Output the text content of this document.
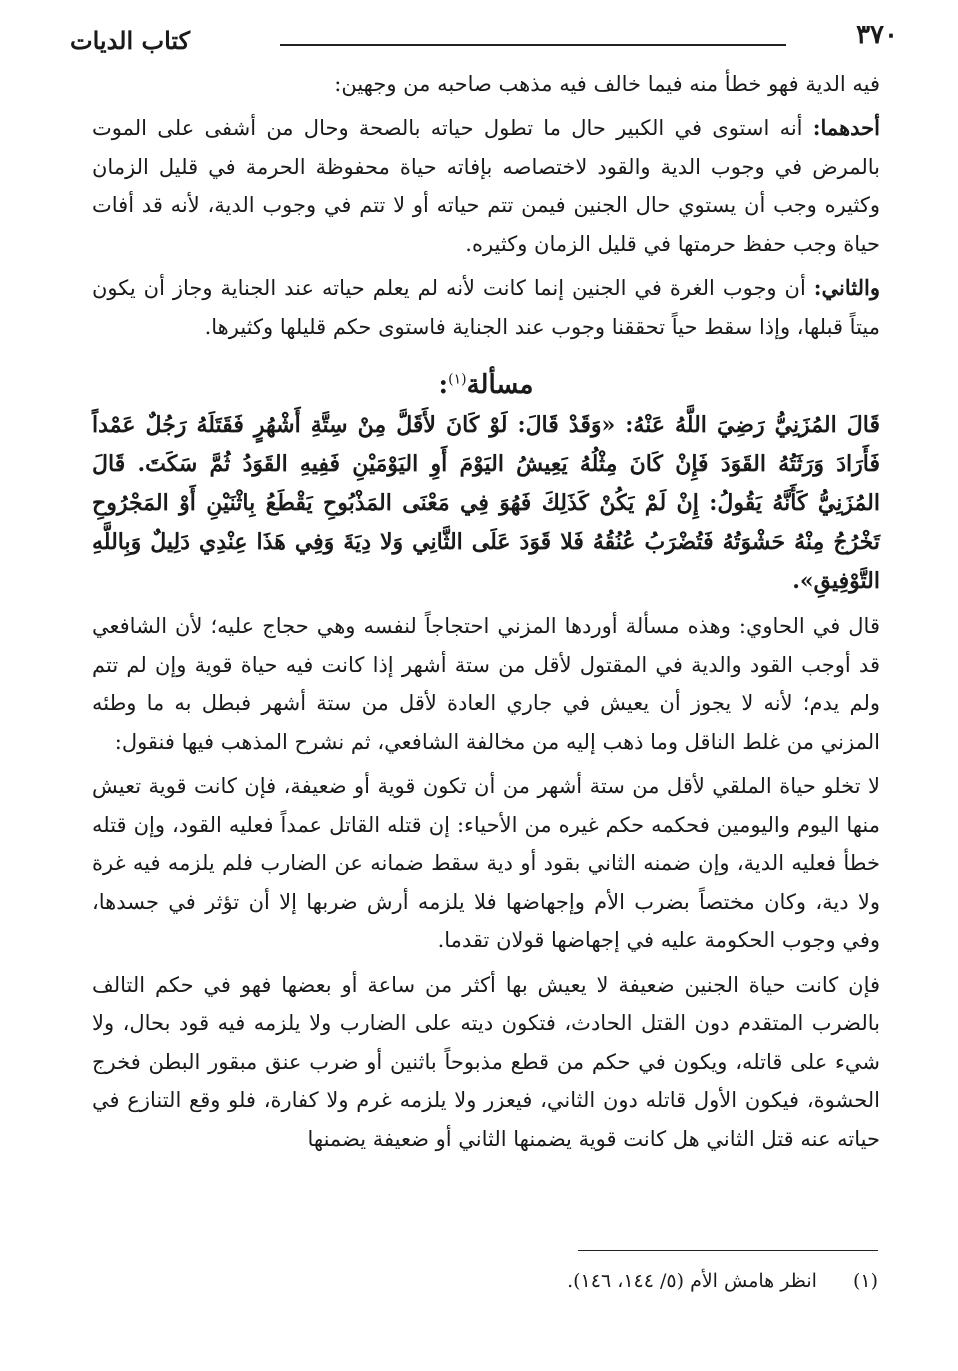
٣٧٠
كتاب الديات

فيه الدية فهو خطأ منه فيما خالف فيه مذهب صاحبه من وجهين:

أحدهما: أنه استوى في الكبير حال ما تطول حياته بالصحة وحال من أشفى على الموت بالمرض في وجوب الدية والقود لاختصاصه بإفاته حياة محفوظة الحرمة في قليل الزمان وكثيره وجب أن يستوي حال الجنين فيمن تتم حياته أو لا تتم في وجوب الدية، لأنه قد أفات حياة وجب حفظ حرمتها في قليل الزمان وكثيره.

والثاني: أن وجوب الغرة في الجنين إنما كانت لأنه لم يعلم حياته عند الجناية وجاز أن يكون ميتاً قبلها، وإذا سقط حياً تحققنا وجوب عند الجناية فاستوى حكم قليلها وكثيرها.

مسألة$^{(١)}$:

قَالَ المُزَنِيُّ رَضِيَ اللَّهُ عَنْهُ: «وَقَدْ قَالَ: لَوْ كَانَ لأَقَلَّ مِنْ سِتَّةِ أَشْهُرٍ فَقَتَلَهُ رَجُلٌ عَمْداً فَأَرَادَ وَرَثَتُهُ القَوَدَ فَإِنْ كَانَ مِثْلُهُ يَعِيشُ اليَوْمَ أَوِ اليَوْمَيْنِ فَفِيهِ القَوَدُ ثُمَّ سَكَتَ. قَالَ المُزَنِيُّ كَأَنَّهُ يَقُولُ: إِنْ لَمْ يَكُنْ كَذَلِكَ فَهُوَ فِي مَعْنَى المَذْبُوحِ يَقْطَعُ بِاثْنَيْنِ أَوْ المَجْرُوحِ تَخْرُجُ مِنْهُ حَشْوَتُهُ فَتُضْرَبُ عُنُقُهُ فَلا قَوَدَ عَلَى الثَّانِي وَلا دِيَةَ وَفِي هَذَا عِنْدِي دَلِيلٌ وَبِاللَّهِ التَّوْفِيقِ».

قال في الحاوي: وهذه مسألة أوردها المزني احتجاجاً لنفسه وهي حجاج عليه؛ لأن الشافعي قد أوجب القود والدية في المقتول لأقل من ستة أشهر إذا كانت فيه حياة قوية وإن لم تتم ولم يدم؛ لأنه لا يجوز أن يعيش في جاري العادة لأقل من ستة أشهر فبطل به ما وطئه المزني من غلط الناقل وما ذهب إليه من مخالفة الشافعي، ثم نشرح المذهب فيها فنقول:

لا تخلو حياة الملقي لأقل من ستة أشهر من أن تكون قوية أو ضعيفة، فإن كانت قوية تعيش منها اليوم واليومين فحكمه حكم غيره من الأحياء: إن قتله القاتل عمداً فعليه القود، وإن قتله خطأ فعليه الدية، وإن ضمنه الثاني بقود أو دية سقط ضمانه عن الضارب فلم يلزمه فيه غرة ولا دية، وكان مختصاً بضرب الأم وإجهاضها فلا يلزمه أرش ضربها إلا أن تؤثر في جسدها، وفي وجوب الحكومة عليه في إجهاضها قولان تقدما.

فإن كانت حياة الجنين ضعيفة لا يعيش بها أكثر من ساعة أو بعضها فهو في حكم التالف بالضرب المتقدم دون القتل الحادث، فتكون ديته على الضارب ولا يلزمه فيه قود بحال، ولا شيء على قاتله، ويكون في حكم من قطع مذبوحاً باثنين أو ضرب عنق مبقور البطن فخرج الحشوة، فيكون الأول قاتله دون الثاني، فيعزر ولا يلزمه غرم ولا كفارة، فلو وقع التنازع في حياته عنه قتل الثاني هل كانت قوية يضمنها الثاني أو ضعيفة يضمنها

(١) انظر هامش الأم (٥/ ١٤٤، ١٤٦).
